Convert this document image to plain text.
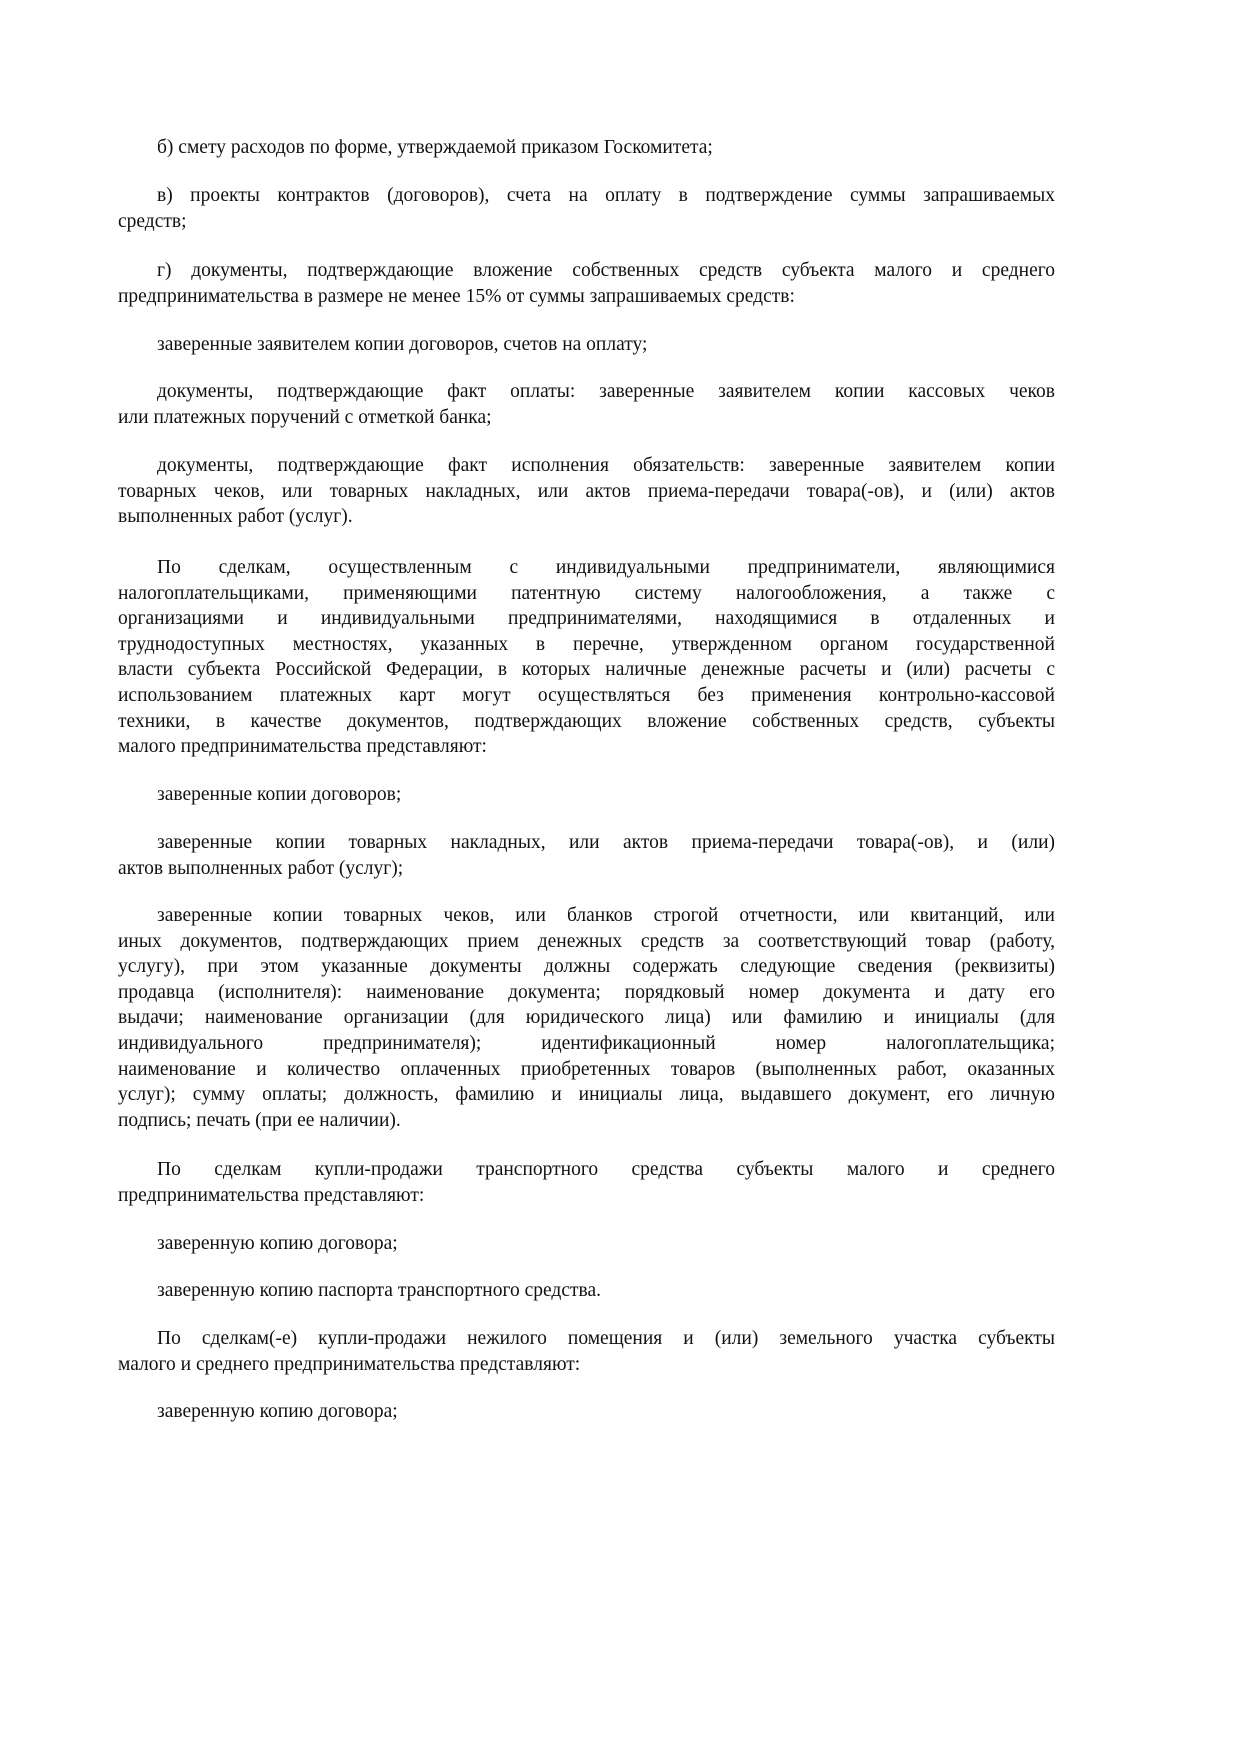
б) смету расходов по форме, утверждаемой приказом Госкомитета;
в) проекты контрактов (договоров), счета на оплату в подтверждение суммы запрашиваемых
средств;
г) документы, подтверждающие вложение собственных средств субъекта малого и среднего
предпринимательства в размере не менее 15% от суммы запрашиваемых средств:
заверенные заявителем копии договоров, счетов на оплату;
документы, подтверждающие факт оплаты: заверенные заявителем копии кассовых чеков
или платежных поручений с отметкой банка;
документы, подтверждающие факт исполнения обязательств: заверенные заявителем копии
товарных чеков, или товарных накладных, или актов приема-передачи товара(-ов), и (или) актов
выполненных работ (услуг).
По сделкам, осуществленным с индивидуальными предприниматели, являющимися
налогоплательщиками, применяющими патентную систему налогообложения, а также с
организациями и индивидуальными предпринимателями, находящимися в отдаленных и
труднодоступных местностях, указанных в перечне, утвержденном органом государственной
власти субъекта Российской Федерации, в которых наличные денежные расчеты и (или) расчеты с
использованием платежных карт могут осуществляться без применения контрольно-кассовой
техники, в качестве документов, подтверждающих вложение собственных средств, субъекты
малого предпринимательства представляют:
заверенные копии договоров;
заверенные копии товарных накладных, или актов приема-передачи товара(-ов), и (или)
актов выполненных работ (услуг);
заверенные копии товарных чеков, или бланков строгой отчетности, или квитанций, или
иных документов, подтверждающих прием денежных средств за соответствующий товар (работу,
услугу), при этом указанные документы должны содержать следующие сведения (реквизиты)
продавца (исполнителя): наименование документа; порядковый номер документа и дату его
выдачи; наименование организации (для юридического лица) или фамилию и инициалы (для
индивидуального предпринимателя); идентификационный номер налогоплательщика;
наименование и количество оплаченных приобретенных товаров (выполненных работ, оказанных
услуг); сумму оплаты; должность, фамилию и инициалы лица, выдавшего документ, его личную
подпись; печать (при ее наличии).
По сделкам купли-продажи транспортного средства субъекты малого и среднего
предпринимательства представляют:
заверенную копию договора;
заверенную копию паспорта транспортного средства.
По сделкам(-е) купли-продажи нежилого помещения и (или) земельного участка субъекты
малого и среднего предпринимательства представляют:
заверенную копию договора;
